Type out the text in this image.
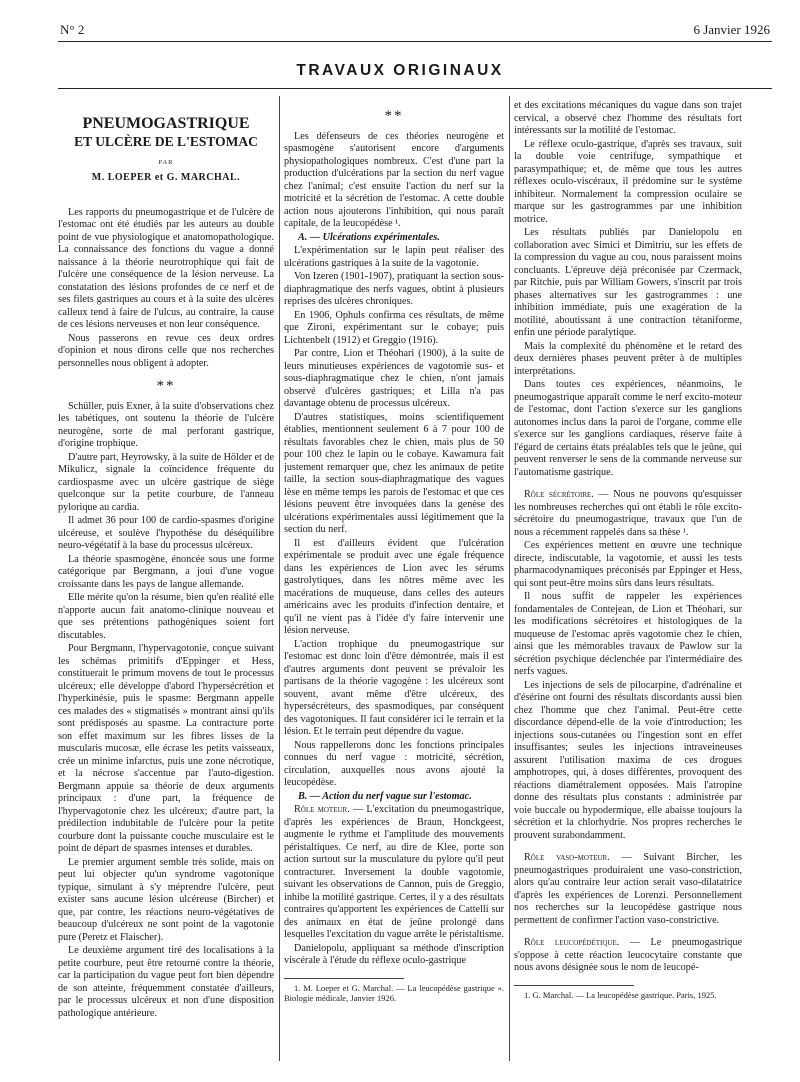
N° 2	6 Janvier 1926
TRAVAUX ORIGINAUX
PNEUMOGASTRIQUE
ET ULCÈRE DE L'ESTOMAC
PAR
M. LOEPER et G. MARCHAL.

Les rapports du pneumogastrique et de l'ulcère de l'estomac ont été étudiés par les auteurs au double point de vue physiologique et anatomopathologique. La connaissance des fonctions du vague a donné naissance à la théorie neurotrophique qui fait de l'ulcère une conséquence de la lésion nerveuse. La constatation des lésions profondes de ce nerf et de ses filets gastriques au cours et à la suite des ulcères calleux tend à faire de l'ulcus, au contraire, la cause de ces lésions nerveuses et non leur conséquence.

Nous passerons en revue ces deux ordres d'opinion et nous dirons celle que nos recherches personnelles nous obligent à adopter.

**

Schüller, puis Exner, à la suite d'observations chez les tabétiques, ont soutenu la théorie de l'ulcère neurogène, sorte de mal perforant gastrique, d'origine trophique.

D'autre part, Heyrowsky, à la suite de Hölder et de Mikulicz, signale la coïncidence fréquente du cardiospasme avec un ulcère gastrique de siège quelconque sur la petite courbure, de l'anneau pylorique au cardia.

Il admet 36 pour 100 de cardio-spasmes d'origine ulcéreuse, et soulève l'hypothèse du déséquilibre neuro-végétatif à la base du processus ulcéreux.

La théorie spasmogène, énoncée sous une forme catégorique par Bergmann, a joui d'une vogue croissante dans les pays de langue allemande.

Elle mérite qu'on la résume, bien qu'en réalité elle n'apporte aucun fait anatomo-clinique nouveau et que ses prétentions pathogéniques soient fort discutables.

Pour Bergmann, l'hypervagotonie, conçue suivant les schémas primitifs d'Eppinger et Hess, constituerait le primum movens de tout le processus ulcéreux; elle développe d'abord l'hypersécrétion et l'hyperkinésie, puis le spasme: Bergmann appelle ces malades des « stigmatisés » montrant ainsi qu'ils sont prédisposés au spasme. La contracture porte son effet maximum sur les fibres lisses de la muscularis mucosæ, elle écrase les petits vaisseaux, crée un minime infarctus, puis une zone nécrotique, et la nécrose s'accentue par l'auto-digestion. Bergmann appuie sa théorie de deux arguments principaux : d'une part, la fréquence de l'hypervagotonie chez les ulcéreux; d'autre part, la prédilection indubitable de l'ulcère pour la petite courbure dont la puissante couche musculaire est le point de départ de spasmes intenses et durables.

Le premier argument semble très solide, mais on peut lui objecter qu'un syndrome vagotonique typique, simulant à s'y méprendre l'ulcère, peut exister sans aucune lésion ulcéreuse (Bircher) et que, par contre, les réactions neuro-végétatives de beaucoup d'ulcéreux ne sont point de la vagotonie pure (Peretz et Flaischer).

Le deuxième argument tiré des localisations à la petite courbure, peut être retourné contre la théorie, car la participation du vague peut fort bien dépendre de son atteinte, fréquemment constatée d'ailleurs, par le processus ulcéreux et non d'une disposition pathologique antérieure.

**

Les défenseurs de ces théories neurogène et spasmogène s'autorisent encore d'arguments physiopathologiques nombreux. C'est d'une part la production d'ulcérations par la section du nerf vague chez l'animal; c'est ensuite l'action du nerf sur la motricité et la sécrétion de l'estomac. A cette double action nous ajouterons l'inhibition, qui nous paraît capitale, de la leucopédèse ¹.

A. — Ulcérations expérimentales.

L'expérimentation sur le lapin peut réaliser des ulcérations gastriques à la suite de la vagotonie.

Von Izeren (1901-1907), pratiquant la section sous-diaphragmatique des nerfs vagues, obtint à plusieurs reprises des ulcères chroniques.

En 1906, Ophuls confirma ces résultats, de même que Zironi, expérimentant sur le cobaye; puis Lichtenbelt (1912) et Greggio (1916).

Par contre, Lion et Théohari (1900), à la suite de leurs minutieuses expériences de vagotomie sus- et sous-diaphragmatique chez le chien, n'ont jamais observé d'ulcères gastriques; et Lilla n'a pas davantage obtenu de processus ulcéreux.

D'autres statistiques, moins scientifiquement établies, mentionnent seulement 6 à 7 pour 100 de résultats favorables chez le chien, mais plus de 50 pour 100 chez le lapin ou le cobaye. Kawamura fait justement remarquer que, chez les animaux de petite taille, la section sous-diaphragmatique des vagues lèse en même temps les parois de l'estomac et que ces lésions peuvent être invoquées dans la genèse des ulcérations expérimentales aussi légitimement que la section du nerf.

Il est d'ailleurs évident que l'ulcération expérimentale se produit avec une égale fréquence dans les expériences de Lion avec les sérums gastrolytiques, dans les nôtres même avec les macérations de muqueuse, dans celles des auteurs américains avec les produits d'infection dentaire, et qu'il ne vient pas à l'idée d'y faire intervenir une lésion nerveuse.

L'action trophique du pneumogastrique sur l'estomac est donc loin d'être démontrée, mais il est d'autres arguments dont peuvent se prévaloir les partisans de la théorie vagogène : les ulcéreux sont souvent, avant même d'être ulcéreux, des hypersécréteurs, des spasmodiques, par conséquent des vagotoniques. Il faut considérer ici le terrain et la lésion. Et le terrain peut dépendre du vague.

Nous rappellerons donc les fonctions principales connues du nerf vague : motricité, sécrétion, circulation, auxquelles nous avons ajouté la leucopédèse.

B. — Action du nerf vague sur l'estomac.

Rôle moteur. — L'excitation du pneumogastrique, d'après les expériences de Braun, Honckgeest, augmente le rythme et l'amplitude des mouvements péristaltiques. Ce nerf, au dire de Klee, porte son action surtout sur la musculature du pylore qu'il peut contracturer. Inversement la double vagotomie, suivant les observations de Cannon, puis de Greggio, inhibe la motilité gastrique. Certes, il y a des résultats contraires qu'apportent les expériences de Cattelli sur des animaux en état de jeûne prolongé dans lesquelles l'excitation du vague arrête le péristaltisme.

Danielopolu, appliquant sa méthode d'inscription viscérale à l'étude du réflexe oculo-gastrique

1. M. Loeper et G. Marchal. — La leucopédèse gastrique ». Biologie médicale, Janvier 1926.

et des excitations mécaniques du vague dans son trajet cervical, a observé chez l'homme des résultats fort intéressants sur la motilité de l'estomac.

Le réflexe oculo-gastrique, d'après ses travaux, suit la double voie centrifuge, sympathique et parasympathique; et, de même que tous les autres réflexes oculo-viscéraux, il prédomine sur le système inhibiteur. Normalement la compression oculaire se marque sur les gastrogrammes par une inhibition motrice.

Les résultats publiés par Danielopolu en collaboration avec Simici et Dimitriu, sur les effets de la compression du vague au cou, nous paraissent moins concluants. L'épreuve déjà préconisée par Czermack, par Ritchie, puis par William Gowers, s'inscrit par trois phases alternatives sur les gastrogrammes : une inhibition immédiate, puis une exagération de la motilité, aboutissant à une contraction tétaniforme, enfin une période paralytique.

Mais la complexité du phénomène et le retard des deux dernières phases peuvent prêter à de multiples interprétations.

Dans toutes ces expériences, néanmoins, le pneumogastrique apparaît comme le nerf excito-moteur de l'estomac, dont l'action s'exerce sur les ganglions autonomes inclus dans la paroi de l'organe, comme elle s'exerce sur les ganglions cardiaques, réserve faite à l'égard de certains états préalables tels que le jeûne, qui peuvent renverser le sens de la commande nerveuse sur l'automatisme gastrique.

Rôle sécrétoire. — Nous ne pouvons qu'esquisser les nombreuses recherches qui ont établi le rôle excito-sécrétoire du pneumogastrique, travaux que l'un de nous a récemment rappelés dans sa thèse ¹.

Ces expériences mettent en œuvre une technique directe, indiscutable, la vagotomie, et aussi les tests pharmacodynamiques préconisés par Eppinger et Hess, qui sont peut-être moins sûrs dans leurs résultats.

Il nous suffit de rappeler les expériences fondamentales de Contejean, de Lion et Théohari, sur les modifications sécrétoires et histologiques de la muqueuse de l'estomac après vagotomie chez le chien, ainsi que les mémorables travaux de Pawlow sur la sécrétion psychique déclenchée par l'intermédiaire des nerfs vagues.

Les injections de sels de pilocarpine, d'adrénaline et d'ésérine ont fourni des résultats discordants aussi bien chez l'homme que chez l'animal. Peut-être cette discordance dépend-elle de la voie d'introduction; les injections sous-cutanées ou l'ingestion sont en effet insuffisantes; seules les injections intraveineuses assurent l'utilisation maxima de ces drogues amphotropes, qui, à doses différentes, provoquent des réactions diamétralement opposées. Mais l'atropine donne des résultats plus constants : administrée par voie buccale ou hypodermique, elle abaisse toujours la sécrétion et la chlorhydrie. Nos propres recherches le prouvent surabondamment.

Rôle vaso-moteur. — Suivant Bircher, les pneumogastriques produiraient une vaso-constriction, alors qu'au contraire leur action serait vaso-dilatatrice d'après les expériences de Lorenzi. Personnellement nos recherches sur la leucopédèse gastrique nous permettent de confirmer l'action vaso-constrictive.

Rôle leucopédétique. — Le pneumogastrique s'oppose à cette réaction leucocytaire constante que nous avons désignée sous le nom de leucopé-

1. G. Marchal. — La leucopédèse gastrique. Paris, 1925.
